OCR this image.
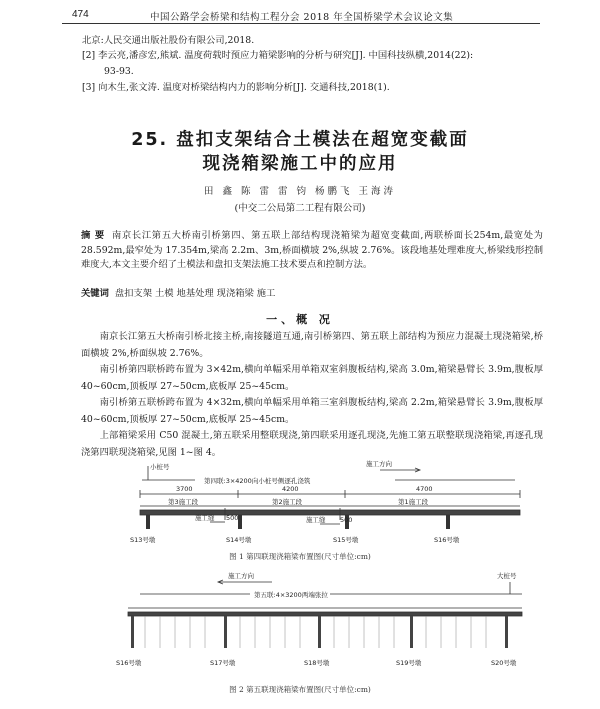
474	中国公路学会桥梁和结构工程分会 2018 年全国桥梁学术会议论文集
北京:人民交通出版社股份有限公司,2018.
[2] 李云亮,潘彦宏,熊斌. 温度荷载时预应力箱梁影响的分析与研究[J]. 中国科技纵横,2014(22):
93-93.
[3] 向木生,张文涛. 温度对桥梁结构内力的影响分析[J]. 交通科技,2018(1).
25. 盘扣支架结合土模法在超宽变截面
现浇箱梁施工中的应用
田 鑫 陈 雷 雷 钧 杨鹏飞 王海涛
(中交二公局第二工程有限公司)
摘 要 南京长江第五大桥南引桥第四、第五联上部结构现浇箱梁为超宽变截面,两联桥面长254m,最宽处为 28.592m,最窄处为 17.354m,梁高 2.2m、3m,桥面横坡 2%,纵坡 2.76%。该段地基处理难度大,桥梁线形控制难度大,本文主要介绍了土模法和盘扣支架法施工技术要点和控制方法。
关键词 盘扣支架 土模 地基处理 现浇箱梁 施工
一、概 况
南京长江第五大桥南引桥北接主桥,南接隧道互通,南引桥第四、第五联上部结构为预应力混凝土现浇箱梁,桥面横坡 2%,桥面纵坡 2.76%。
南引桥第四联桥跨布置为 3×42m,横向单幅采用单箱双室斜腹板结构,梁高 3.0m,箱梁悬臂长 3.9m,腹板厚 40~60cm,顶板厚 27~50cm,底板厚 25~45cm。
南引桥第五联桥跨布置为 4×32m,横向单幅采用单箱三室斜腹板结构,梁高 2.2m,箱梁悬臂长 3.9m,腹板厚 40~60cm,顶板厚 27~50cm,底板厚 25~45cm。
上部箱梁采用 C50 混凝土,第五联采用整联现浇,第四联采用逐孔现浇,先施工第五联整联现浇箱梁,再逐孔现浇第四联现浇箱梁,见图 1~图 4。
小桩号
第四联:3×4200向小桩号侧逐孔浇筑
施工方向
3700	4200	4700
第3施工段	第2施工段	第1施工段
施工缝	施工缝
500	500
S13号墩	S14号墩	S15号墩	S16号墩
图 1 第四联现浇箱梁布置图(尺寸单位:cm)
施工方向
第五联:4×3200两端张拉
大桩号
S16号墩	S17号墩	S18号墩	S19号墩	S20号墩
图 2 第五联现浇箱梁布置图(尺寸单位:cm)
